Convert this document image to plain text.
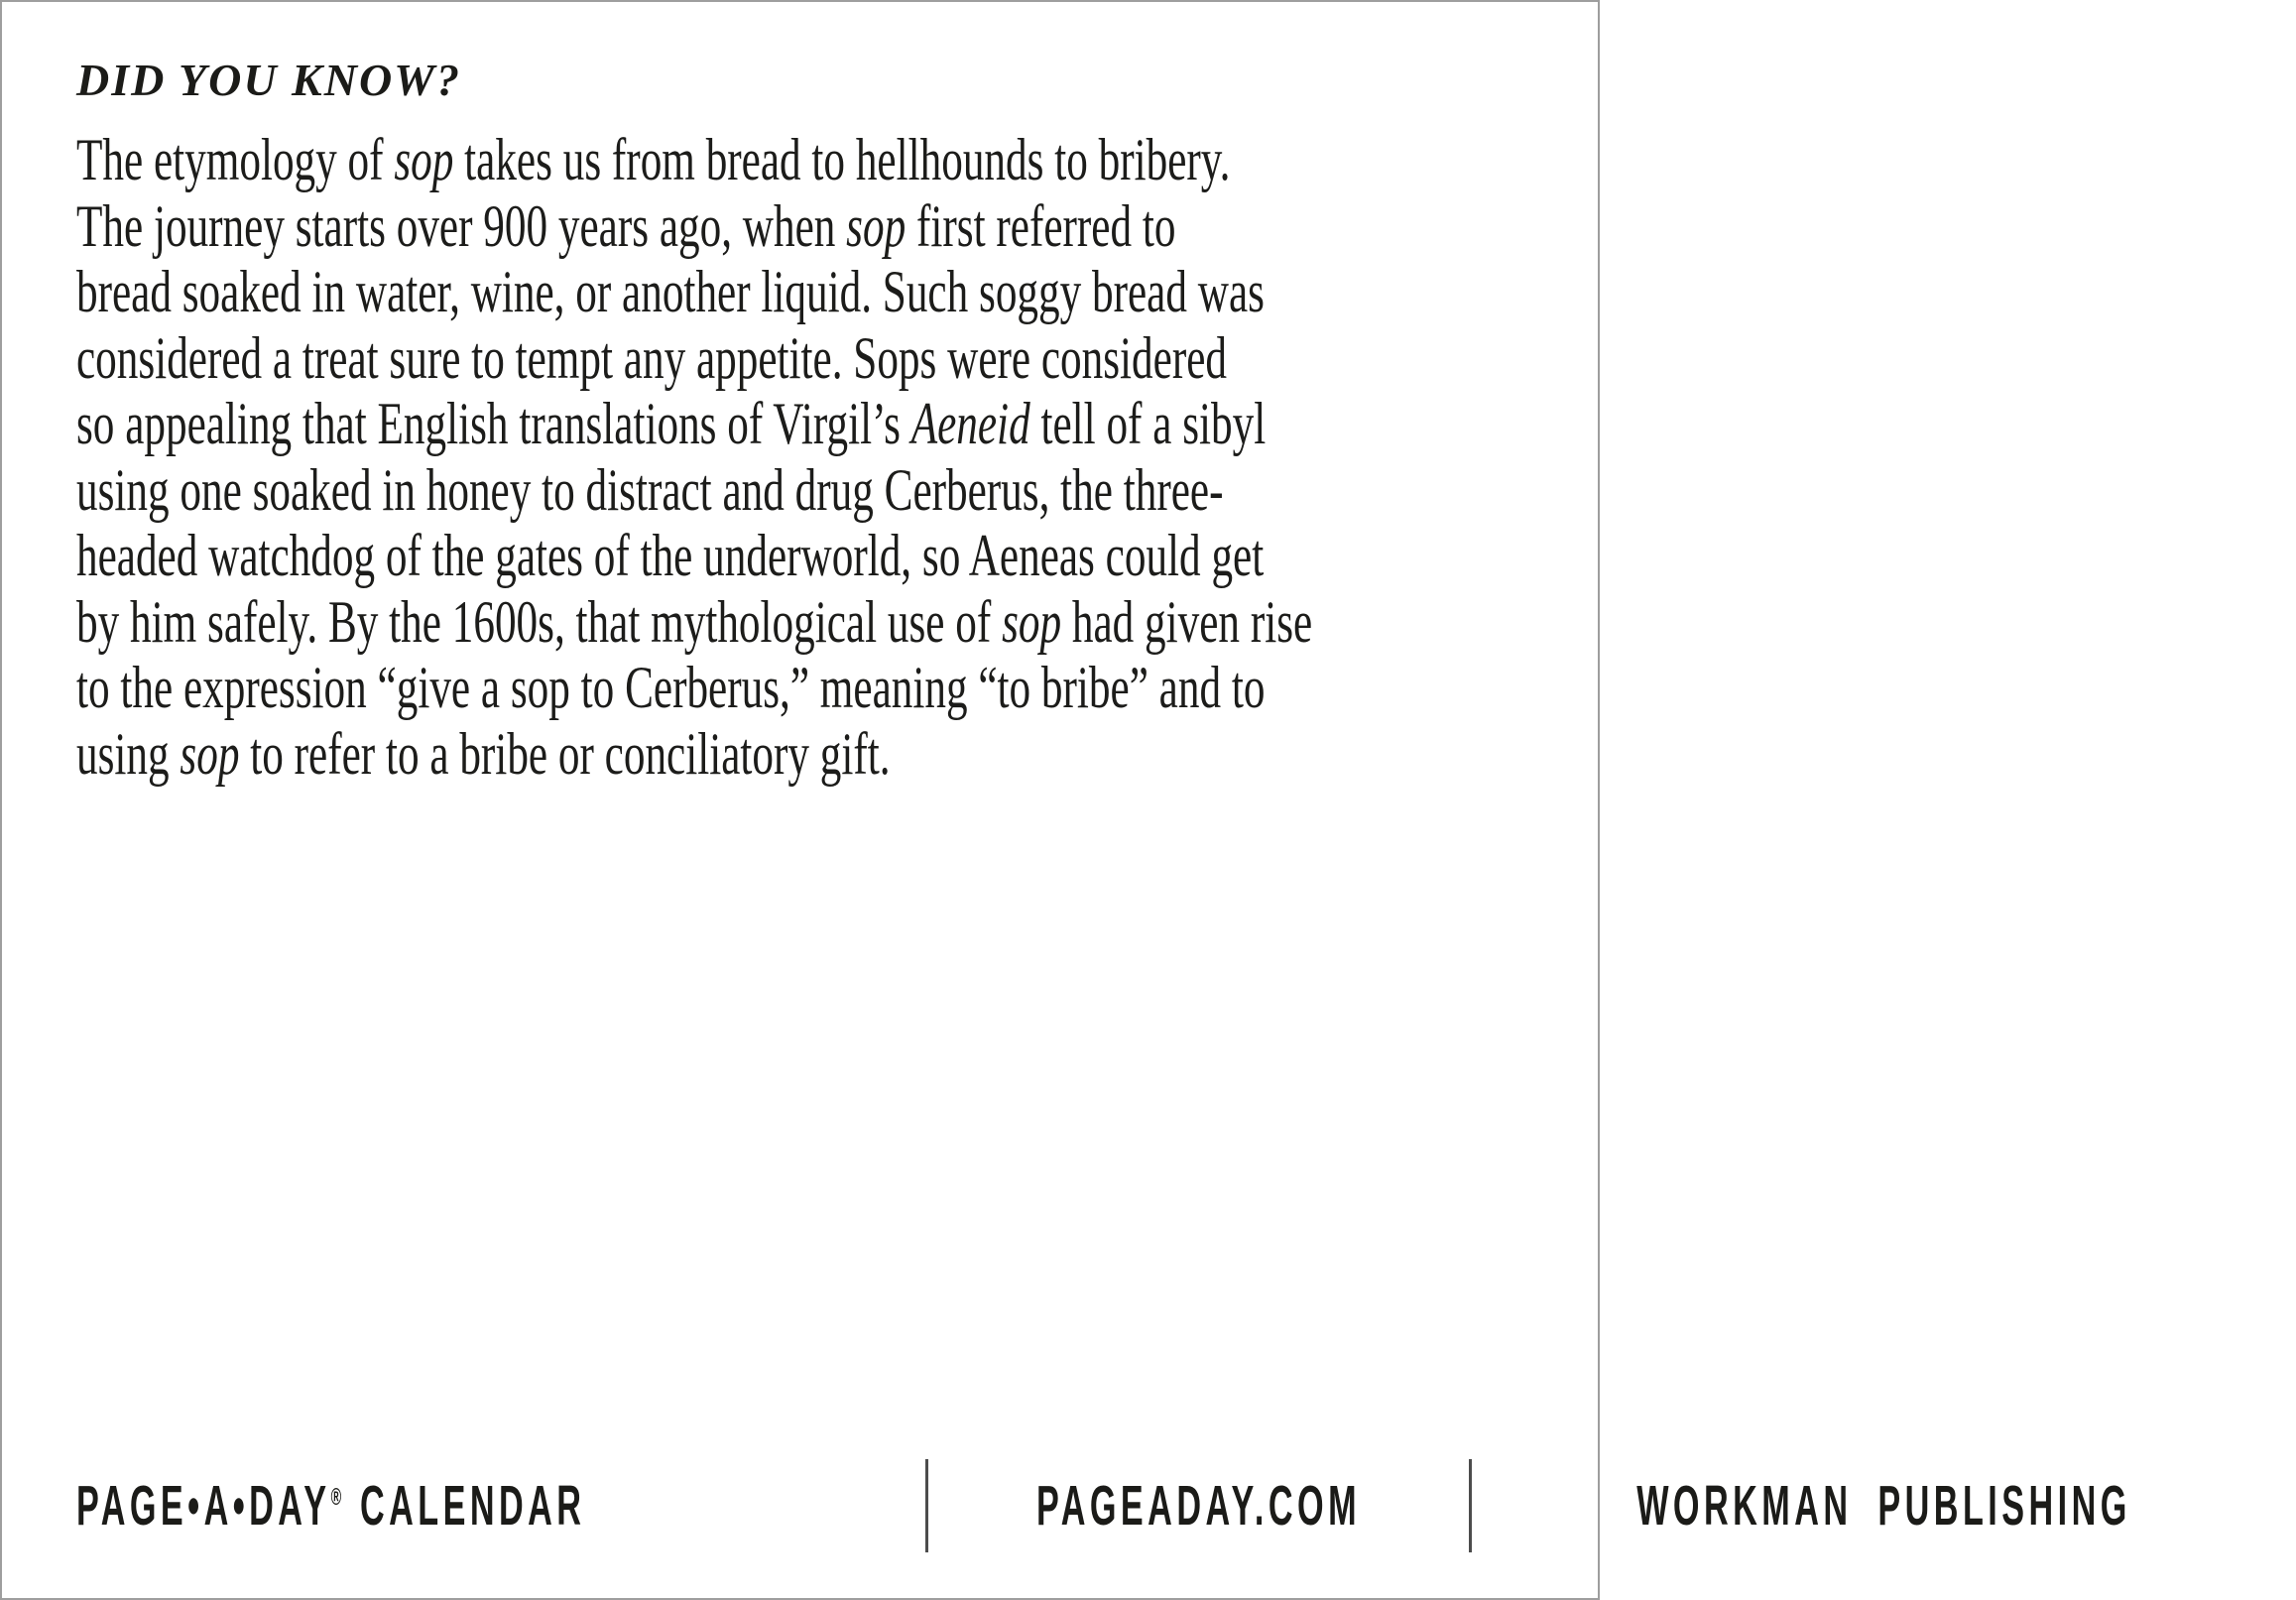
DID YOU KNOW?
The etymology of sop takes us from bread to hellhounds to bribery.
The journey starts over 900 years ago, when sop first referred to
bread soaked in water, wine, or another liquid. Such soggy bread was
considered a treat sure to tempt any appetite. Sops were considered
so appealing that English translations of Virgil’s Aeneid tell of a sibyl
using one soaked in honey to distract and drug Cerberus, the three-
headed watchdog of the gates of the underworld, so Aeneas could get
by him safely. By the 1600s, that mythological use of sop had given rise
to the expression “give a sop to Cerberus,” meaning “to bribe” and to
using sop to refer to a bribe or conciliatory gift.
PAGE•A•DAY® CALENDAR	PAGEADAY.COM	WORKMAN PUBLISHING
